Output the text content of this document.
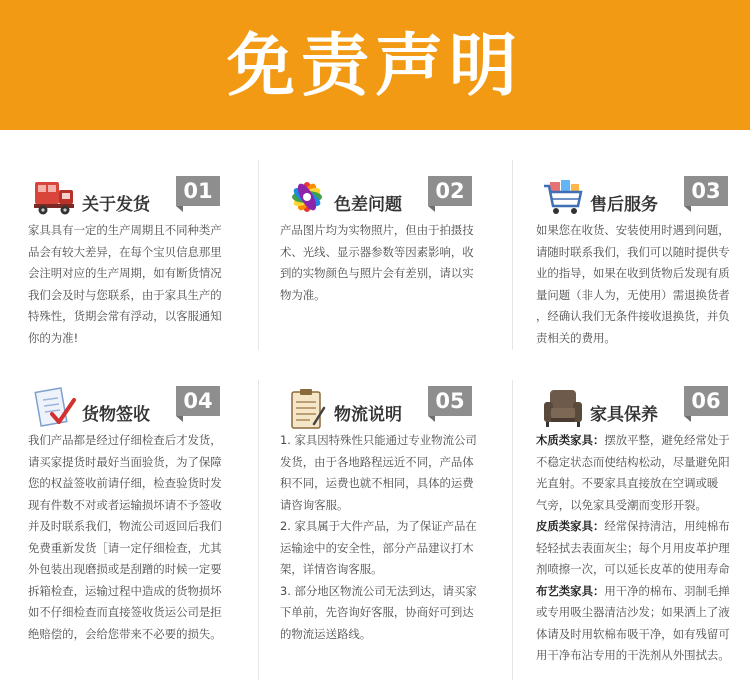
免责声明
关于发货
01

家具具有一定的生产周期且不同种类产

品会有较大差异，在每个宝贝信息那里

会注明对应的生产周期，如有断货情况

我们会及时与您联系，由于家具生产的

特殊性，货期会常有浮动，以客服通知

你的为准!

色差问题
02

产品图片均为实物照片，但由于拍摄技

术、光线、显示器参数等因素影响，收

到的实物颜色与照片会有差别，请以实

物为准。

售后服务
03

如果您在收货、安装使用时遇到问题，

请随时联系我们，我们可以随时提供专

业的指导，如果在收到货物后发现有质

量问题（非人为，无使用）需退换货者

，经确认我们无条件接收退换货，并负

责相关的费用。

货物签收
04

我们产品都是经过仔细检查后才发货，

请买家提货时最好当面验货，为了保障

您的权益签收前请仔细，检查验货时发

现有件数不对或者运输损坏请不予签收

并及时联系我们，物流公司返回后我们

免费重新发货［请一定仔细检查，尤其

外包装出现磨损或是刮蹭的时候一定要

拆箱检查，运输过程中造成的货物损坏

如不仔细检查而直接签收货运公司是拒

绝赔偿的，会给您带来不必要的损失。

物流说明
05

1. 家具因特殊性只能通过专业物流公司

发货，由于各地路程远近不同，产品体

积不同，运费也就不相同，具体的运费

请咨询客服。

2. 家具属于大件产品，为了保证产品在

运输途中的安全性，部分产品建议打木

架，详情咨询客服。

3. 部分地区物流公司无法到达，请买家

下单前，先咨询好客服，协商好可到达

的物流运送路线。

家具保养
06

木质类家具：摆放平整，避免经常处于

不稳定状态而使结构松动，尽量避免阳

光直射。不要家具直接放在空调或暖

气旁，以免家具受潮而变形开裂。

皮质类家具：经常保持清洁，用纯棉布

轻轻拭去表面灰尘；每个月用皮革护理

剂喷擦一次，可以延长皮革的使用寿命

布艺类家具：用干净的棉布、羽制毛掸

或专用吸尘器清洁沙发；如果洒上了液

体请及时用软棉布吸干净，如有残留可

用干净布沾专用的干洗剂从外围拭去。
